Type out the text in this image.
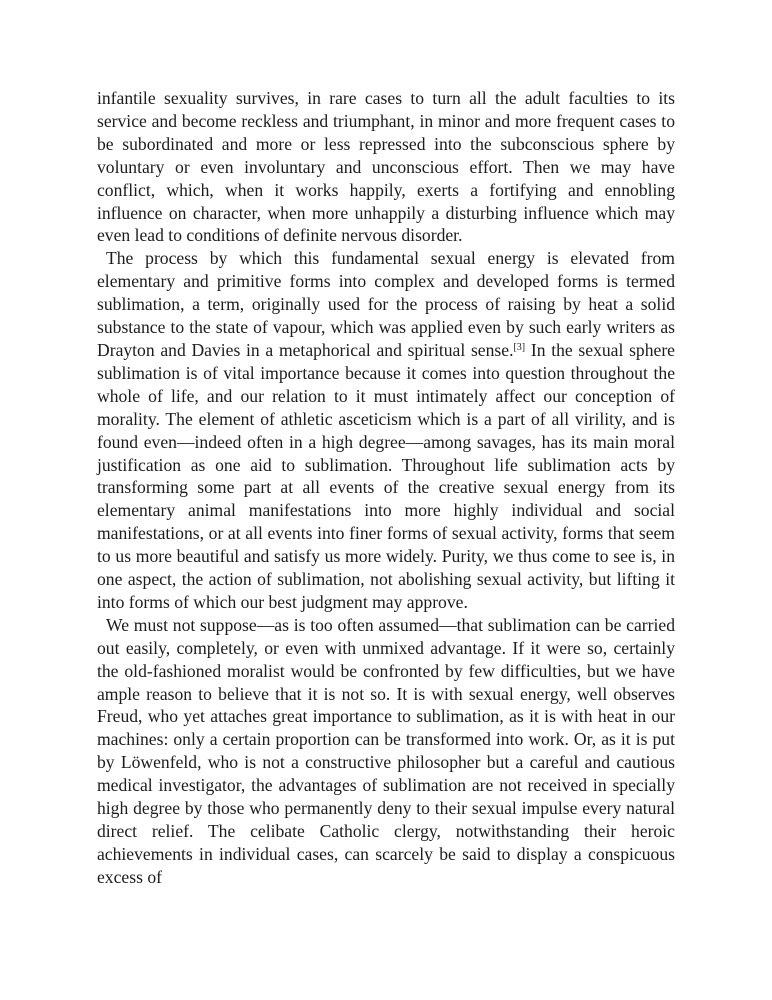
infantile sexuality survives, in rare cases to turn all the adult faculties to its service and become reckless and triumphant, in minor and more frequent cases to be subordinated and more or less repressed into the subconscious sphere by voluntary or even involuntary and unconscious effort. Then we may have conflict, which, when it works happily, exerts a fortifying and ennobling influence on character, when more unhappily a disturbing influence which may even lead to conditions of definite nervous disorder.

The process by which this fundamental sexual energy is elevated from elementary and primitive forms into complex and developed forms is termed sublimation, a term, originally used for the process of raising by heat a solid substance to the state of vapour, which was applied even by such early writers as Drayton and Davies in a metaphorical and spiritual sense.[3] In the sexual sphere sublimation is of vital importance because it comes into question throughout the whole of life, and our relation to it must intimately affect our conception of morality. The element of athletic asceticism which is a part of all virility, and is found even—indeed often in a high degree—among savages, has its main moral justification as one aid to sublimation. Throughout life sublimation acts by transforming some part at all events of the creative sexual energy from its elementary animal manifestations into more highly individual and social manifestations, or at all events into finer forms of sexual activity, forms that seem to us more beautiful and satisfy us more widely. Purity, we thus come to see is, in one aspect, the action of sublimation, not abolishing sexual activity, but lifting it into forms of which our best judgment may approve.

We must not suppose—as is too often assumed—that sublimation can be carried out easily, completely, or even with unmixed advantage. If it were so, certainly the old-fashioned moralist would be confronted by few difficulties, but we have ample reason to believe that it is not so. It is with sexual energy, well observes Freud, who yet attaches great importance to sublimation, as it is with heat in our machines: only a certain proportion can be transformed into work. Or, as it is put by Löwenfeld, who is not a constructive philosopher but a careful and cautious medical investigator, the advantages of sublimation are not received in specially high degree by those who permanently deny to their sexual impulse every natural direct relief. The celibate Catholic clergy, notwithstanding their heroic achievements in individual cases, can scarcely be said to display a conspicuous excess of
